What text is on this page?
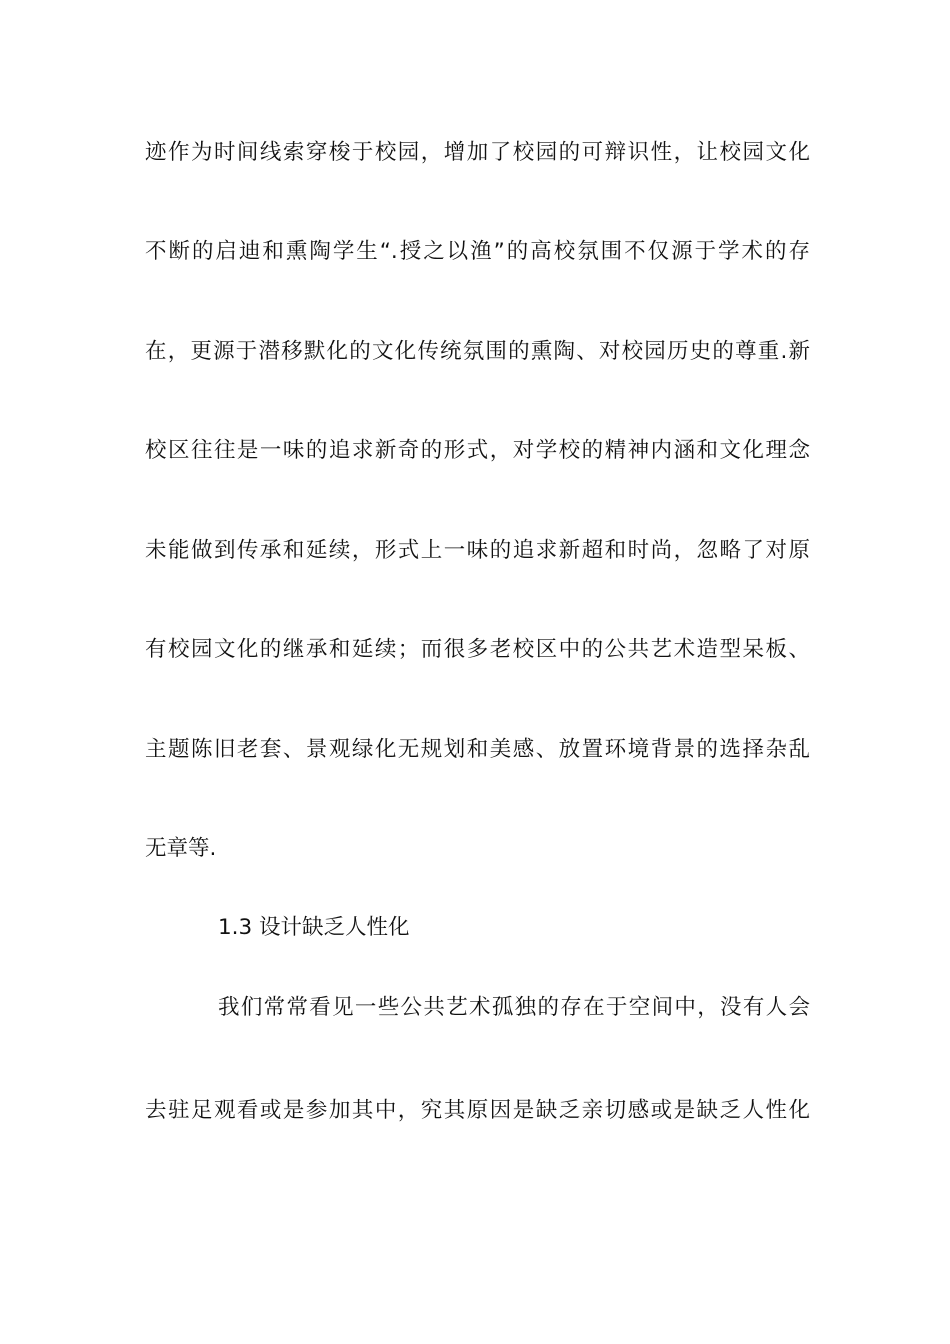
迹作为时间线索穿梭于校园，增加了校园的可辩识性，让校园文化
不断的启迪和熏陶学生“.授之以渔”的高校氛围不仅源于学术的存
在，更源于潜移默化的文化传统氛围的熏陶、对校园历史的尊重.新
校区往往是一味的追求新奇的形式，对学校的精神内涵和文化理念
未能做到传承和延续，形式上一味的追求新超和时尚，忽略了对原
有校园文化的继承和延续；而很多老校区中的公共艺术造型呆板、
主题陈旧老套、景观绿化无规划和美感、放置环境背景的选择杂乱
无章等.
1.3 设计缺乏人性化
我们常常看见一些公共艺术孤独的存在于空间中，没有人会
去驻足观看或是参加其中，究其原因是缺乏亲切感或是缺乏人性化
